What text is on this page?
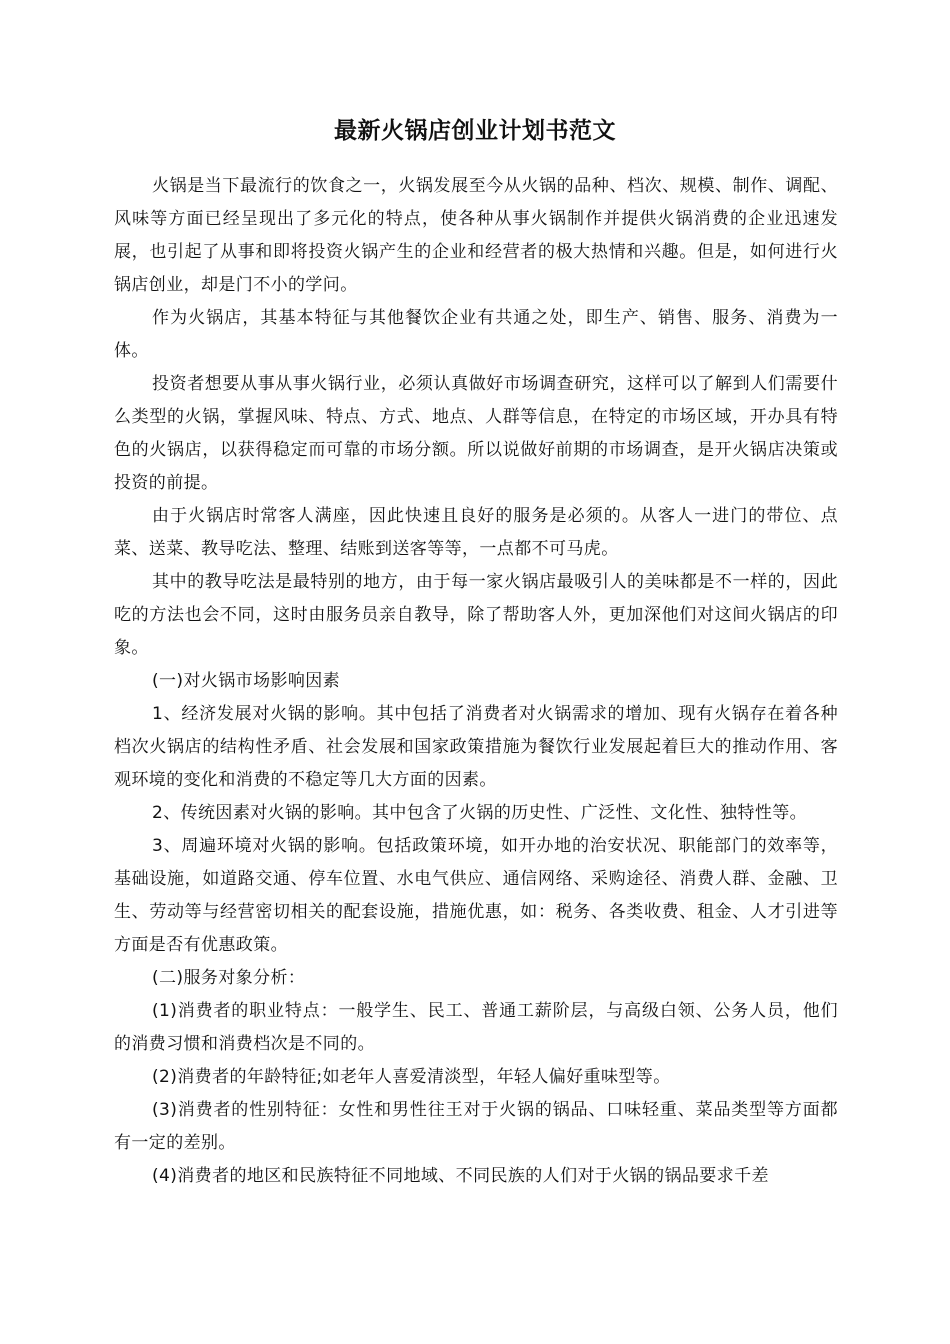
最新火锅店创业计划书范文

火锅是当下最流行的饮食之一，火锅发展至今从火锅的品种、档次、规模、制作、调配、风味等方面已经呈现出了多元化的特点，使各种从事火锅制作并提供火锅消费的企业迅速发展，也引起了从事和即将投资火锅产生的企业和经营者的极大热情和兴趣。但是，如何进行火锅店创业，却是门不小的学问。

作为火锅店，其基本特征与其他餐饮企业有共通之处，即生产、销售、服务、消费为一体。

投资者想要从事从事火锅行业，必须认真做好市场调查研究，这样可以了解到人们需要什么类型的火锅，掌握风味、特点、方式、地点、人群等信息，在特定的市场区域，开办具有特色的火锅店，以获得稳定而可靠的市场分额。所以说做好前期的市场调查，是开火锅店决策或投资的前提。

由于火锅店时常客人满座，因此快速且良好的服务是必须的。从客人一进门的带位、点菜、送菜、教导吃法、整理、结账到送客等等，一点都不可马虎。

其中的教导吃法是最特别的地方，由于每一家火锅店最吸引人的美味都是不一样的，因此吃的方法也会不同，这时由服务员亲自教导，除了帮助客人外，更加深他们对这间火锅店的印象。

(一)对火锅市场影响因素

1、经济发展对火锅的影响。其中包括了消费者对火锅需求的增加、现有火锅存在着各种档次火锅店的结构性矛盾、社会发展和国家政策措施为餐饮行业发展起着巨大的推动作用、客观环境的变化和消费的不稳定等几大方面的因素。

2、传统因素对火锅的影响。其中包含了火锅的历史性、广泛性、文化性、独特性等。

3、周遍环境对火锅的影响。包括政策环境，如开办地的治安状况、职能部门的效率等，基础设施，如道路交通、停车位置、水电气供应、通信网络、采购途径、消费人群、金融、卫生、劳动等与经营密切相关的配套设施，措施优惠，如：税务、各类收费、租金、人才引进等方面是否有优惠政策。

(二)服务对象分析：

(1)消费者的职业特点：一般学生、民工、普通工薪阶层，与高级白领、公务人员，他们的消费习惯和消费档次是不同的。

(2)消费者的年龄特征;如老年人喜爱清淡型，年轻人偏好重味型等。

(3)消费者的性别特征：女性和男性往王对于火锅的锅品、口味轻重、菜品类型等方面都有一定的差别。

(4)消费者的地区和民族特征不同地域、不同民族的人们对于火锅的锅品要求千差
